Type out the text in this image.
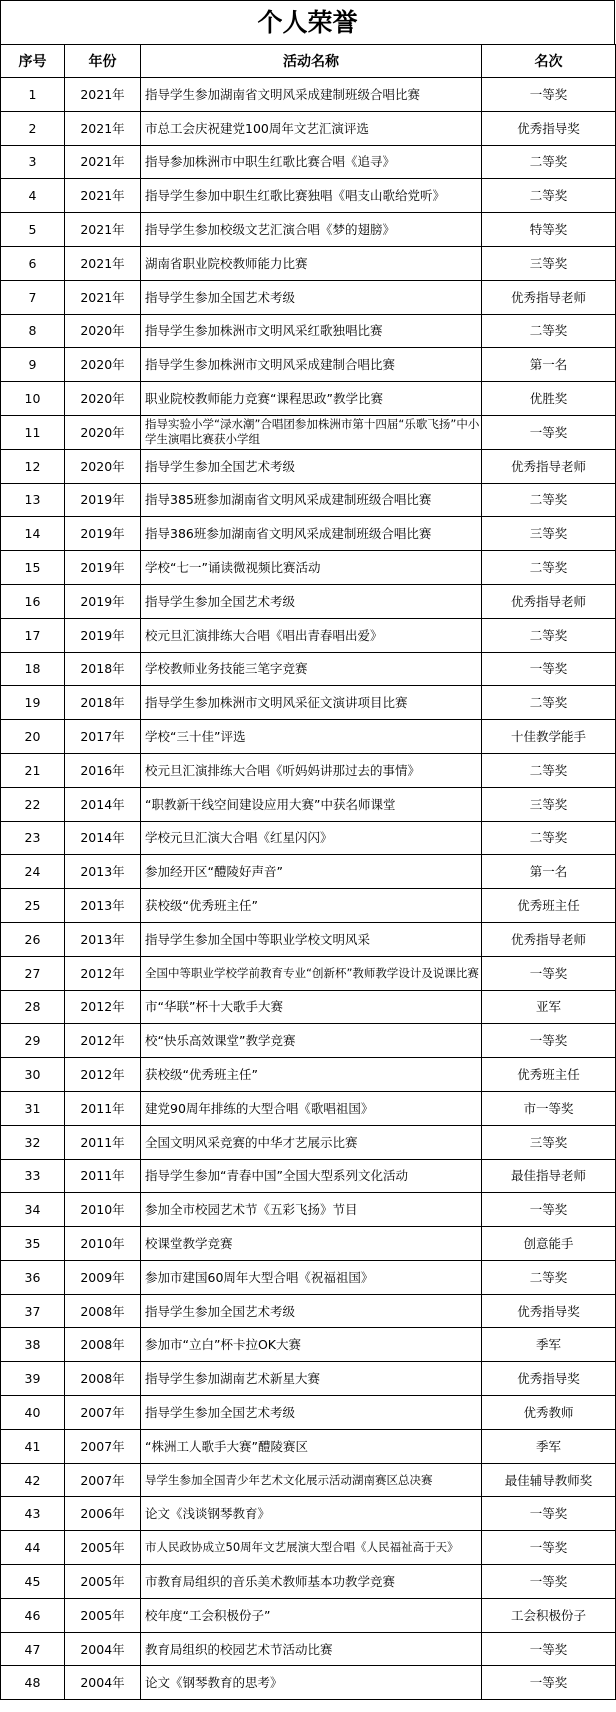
个人荣誉
序号	年份	活动名称	名次
1	2021年	指导学生参加湖南省文明风采成建制班级合唱比赛	一等奖
2	2021年	市总工会庆祝建党100周年文艺汇演评选	优秀指导奖
3	2021年	指导参加株洲市中职生红歌比赛合唱《追寻》	二等奖
4	2021年	指导学生参加中职生红歌比赛独唱《唱支山歌给党听》	二等奖
5	2021年	指导学生参加校级文艺汇演合唱《梦的翅膀》	特等奖
6	2021年	湖南省职业院校教师能力比赛	三等奖
7	2021年	指导学生参加全国艺术考级	优秀指导老师
8	2020年	指导学生参加株洲市文明风采红歌独唱比赛	二等奖
9	2020年	指导学生参加株洲市文明风采成建制合唱比赛	第一名
10	2020年	职业院校教师能力竞赛“课程思政”教学比赛	优胜奖
11	2020年	指导实验小学“渌水潮”合唱团参加株洲市第十四届“乐歌飞扬”中小学生演唱比赛获小学组	一等奖
12	2020年	指导学生参加全国艺术考级	优秀指导老师
13	2019年	指导385班参加湖南省文明风采成建制班级合唱比赛	二等奖
14	2019年	指导386班参加湖南省文明风采成建制班级合唱比赛	三等奖
15	2019年	学校“七一”诵读微视频比赛活动	二等奖
16	2019年	指导学生参加全国艺术考级	优秀指导老师
17	2019年	校元旦汇演排练大合唱《唱出青春唱出爱》	二等奖
18	2018年	学校教师业务技能三笔字竞赛	一等奖
19	2018年	指导学生参加株洲市文明风采征文演讲项目比赛	二等奖
20	2017年	学校“三十佳”评选	十佳教学能手
21	2016年	校元旦汇演排练大合唱《听妈妈讲那过去的事情》	二等奖
22	2014年	“职教新干线空间建设应用大赛”中获名师课堂	三等奖
23	2014年	学校元旦汇演大合唱《红星闪闪》	二等奖
24	2013年	参加经开区“醴陵好声音”	第一名
25	2013年	获校级“优秀班主任”	优秀班主任
26	2013年	指导学生参加全国中等职业学校文明风采	优秀指导老师
27	2012年	全国中等职业学校学前教育专业“创新杯”教师教学设计及说课比赛	一等奖
28	2012年	市“华联”杯十大歌手大赛	亚军
29	2012年	校“快乐高效课堂”教学竞赛	一等奖
30	2012年	获校级“优秀班主任”	优秀班主任
31	2011年	建党90周年排练的大型合唱《歌唱祖国》	市一等奖
32	2011年	全国文明风采竞赛的中华才艺展示比赛	三等奖
33	2011年	指导学生参加“青春中国”全国大型系列文化活动	最佳指导老师
34	2010年	参加全市校园艺术节《五彩飞扬》节目	一等奖
35	2010年	校课堂教学竞赛	创意能手
36	2009年	参加市建国60周年大型合唱《祝福祖国》	二等奖
37	2008年	指导学生参加全国艺术考级	优秀指导奖
38	2008年	参加市“立白”杯卡拉OK大赛	季军
39	2008年	指导学生参加湖南艺术新星大赛	优秀指导奖
40	2007年	指导学生参加全国艺术考级	优秀教师
41	2007年	“株洲工人歌手大赛”醴陵赛区	季军
42	2007年	导学生参加全国青少年艺术文化展示活动湖南赛区总决赛	最佳辅导教师奖
43	2006年	论文《浅谈钢琴教育》	一等奖
44	2005年	市人民政协成立50周年文艺展演大型合唱《人民福祉高于天》	一等奖
45	2005年	市教育局组织的音乐美术教师基本功教学竞赛	一等奖
46	2005年	校年度“工会积极份子”	工会积极份子
47	2004年	教育局组织的校园艺术节活动比赛	一等奖
48	2004年	论文《钢琴教育的思考》	一等奖
